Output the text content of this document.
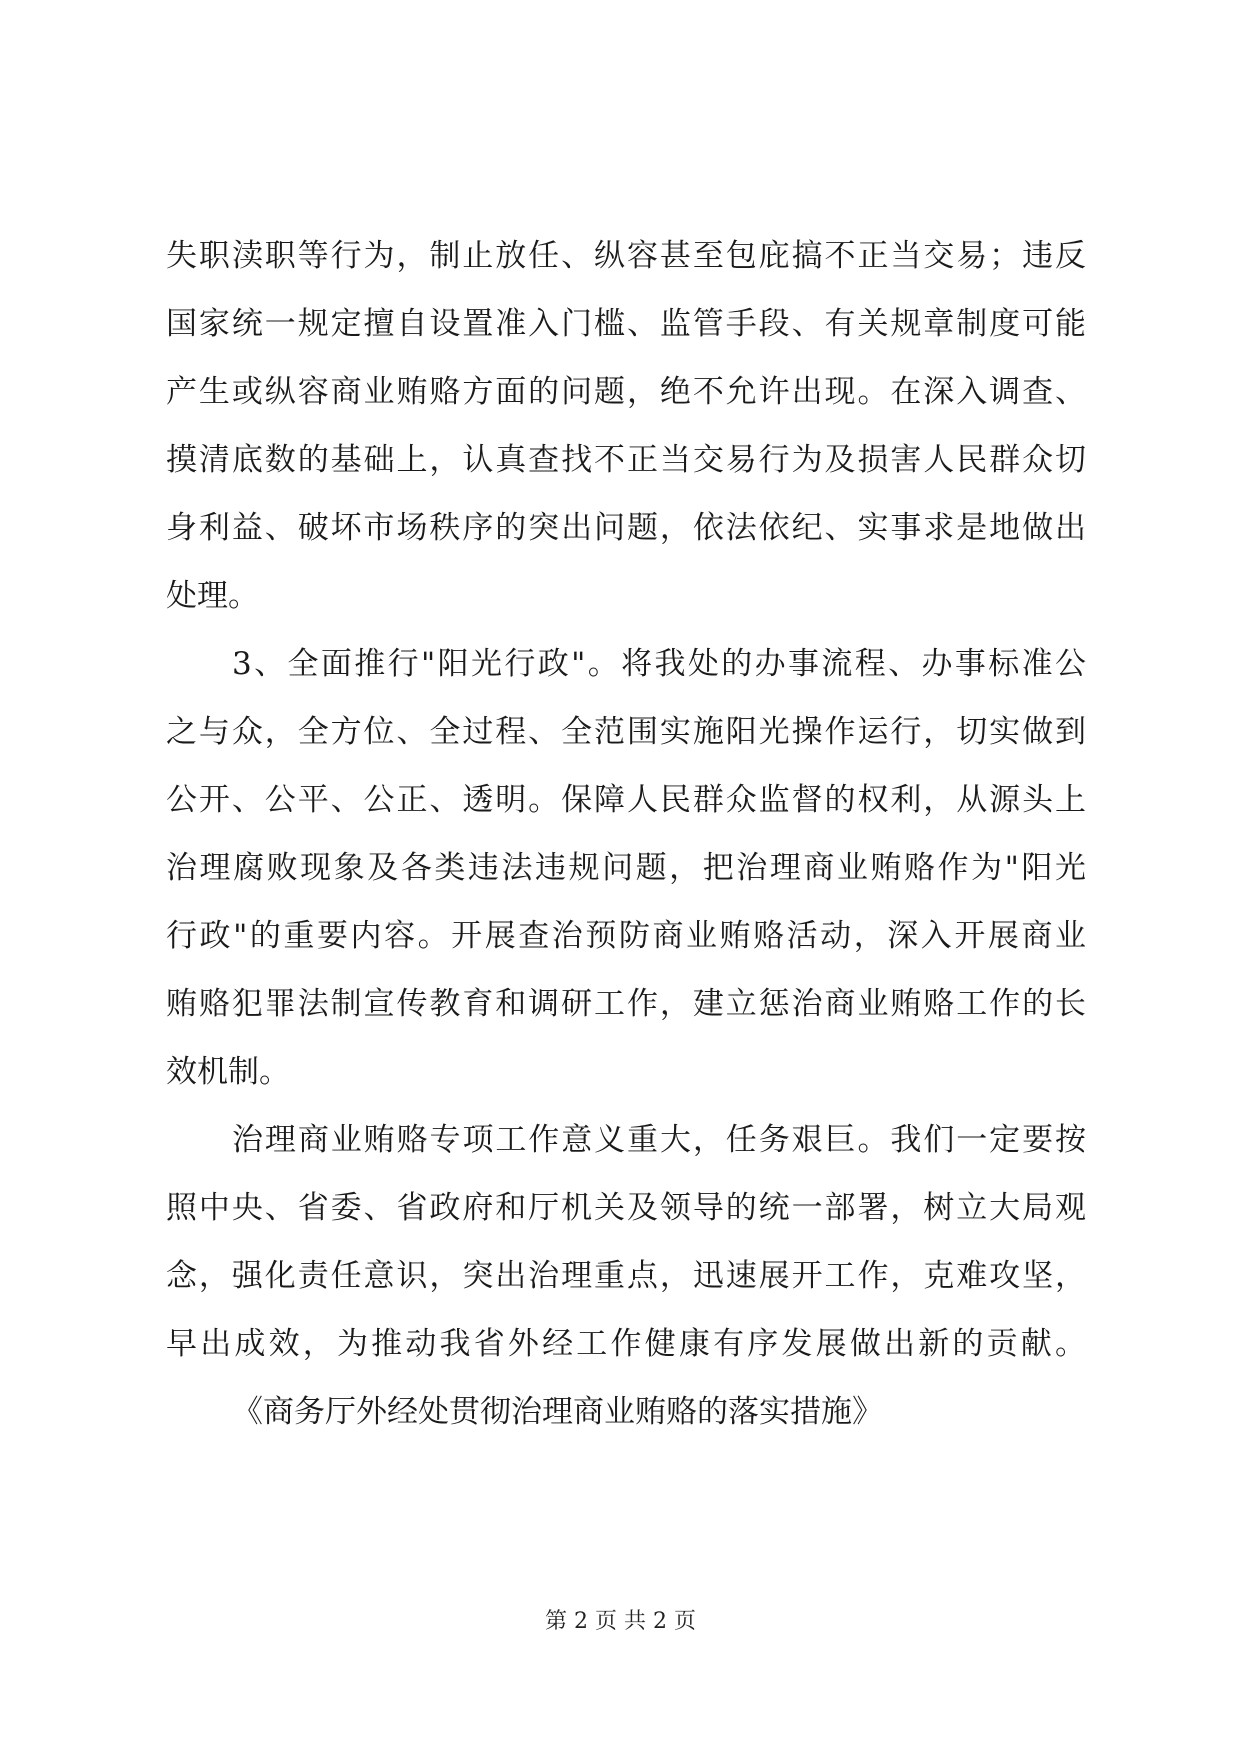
失职渎职等行为，制止放任、纵容甚至包庇搞不正当交易；违反
国家统一规定擅自设置准入门槛、监管手段、有关规章制度可能
产生或纵容商业贿赂方面的问题，绝不允许出现。在深入调查、
摸清底数的基础上，认真查找不正当交易行为及损害人民群众切
身利益、破坏市场秩序的突出问题，依法依纪、实事求是地做出
处理。
3、全面推行"阳光行政"。将我处的办事流程、办事标准公
之与众，全方位、全过程、全范围实施阳光操作运行，切实做到
公开、公平、公正、透明。保障人民群众监督的权利，从源头上
治理腐败现象及各类违法违规问题，把治理商业贿赂作为"阳光
行政"的重要内容。开展查治预防商业贿赂活动，深入开展商业
贿赂犯罪法制宣传教育和调研工作，建立惩治商业贿赂工作的长
效机制。
治理商业贿赂专项工作意义重大，任务艰巨。我们一定要按
照中央、省委、省政府和厅机关及领导的统一部署，树立大局观
念，强化责任意识，突出治理重点，迅速展开工作，克难攻坚，
早出成效，为推动我省外经工作健康有序发展做出新的贡献。
《商务厅外经处贯彻治理商业贿赂的落实措施》
第 2 页 共 2 页
